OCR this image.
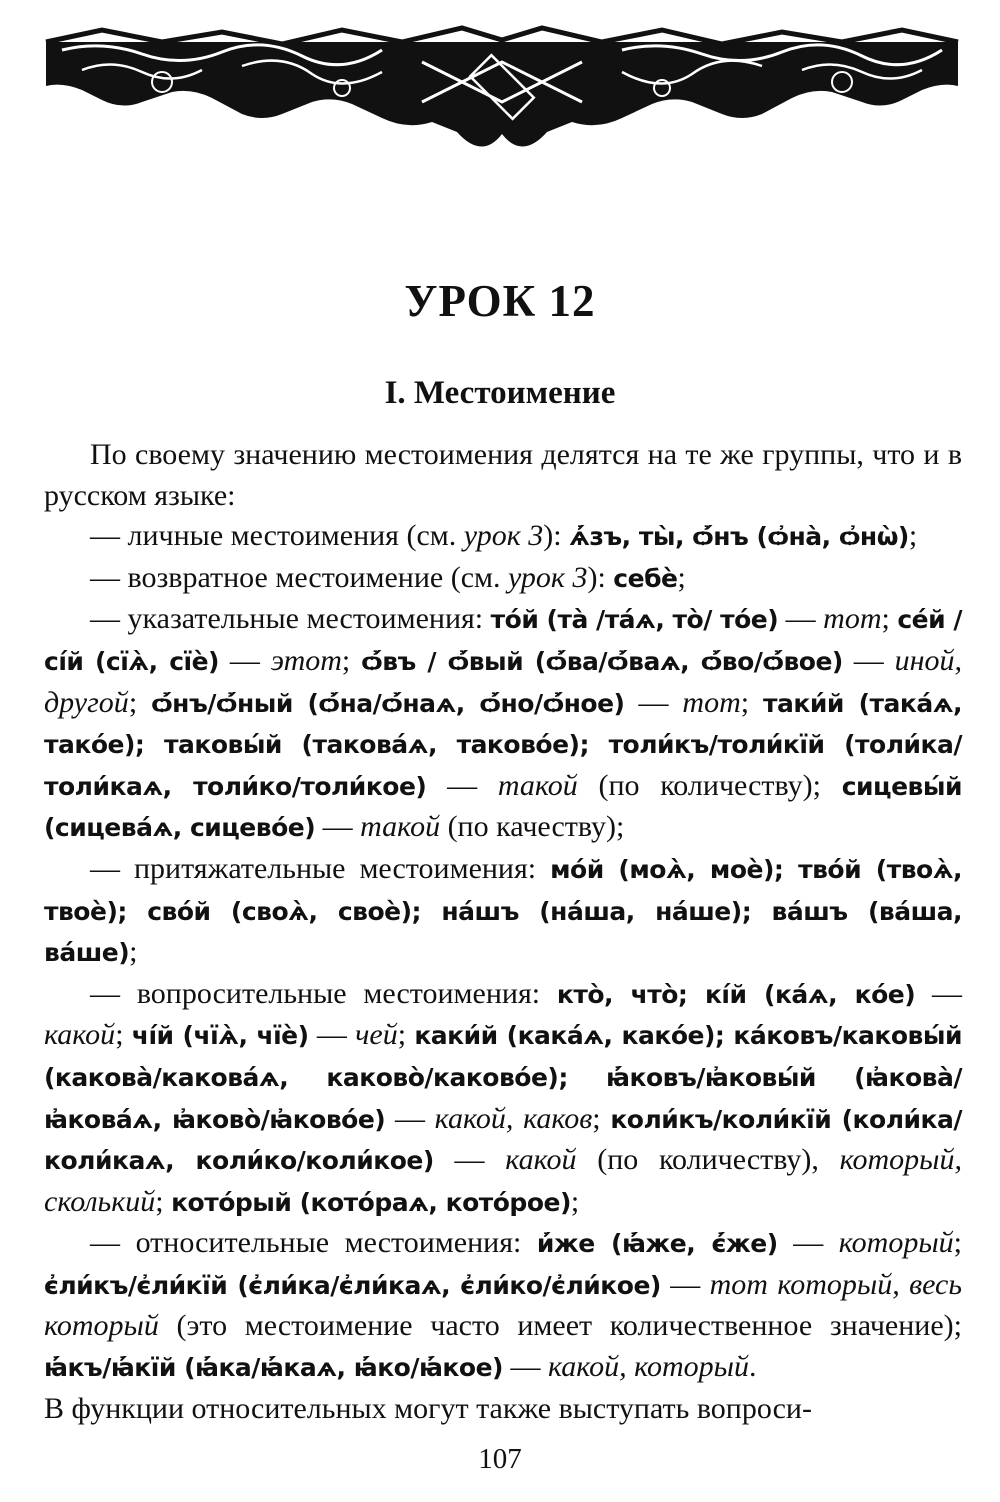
УРОК 12
I. Местоимение

По своему значению местоимения делятся на те же группы, что и в русском языке:

— личные местоимения (см. урок 3): ѧ҆́зъ, ты̀, ѻ҆́нъ (ѻ҆на̀, ѻ҆нѡ̀);

— возвратное местоимение (см. урок 3): себѐ;

— указательные местоимения: то́й (та̀ /та́ѧ, то̀/ то́е) — тот; се́й / сі́й (сїѧ̀, сїѐ) — этот; ѻ҆́въ / ѻ҆́вый (ѻ҆́ва/ѻ҆́ваѧ, ѻ҆́во/ѻ҆́вое) — иной, другой; ѻ҆́нъ/ѻ҆́ный (ѻ҆́на/ѻ҆́наѧ, ѻ҆́но/ѻ҆́ное) — тот; таки́й (така́ѧ, тако́е); таковы́й (такова́ѧ, таково́е); толи́къ/толи́кїй (толи́ка/толи́каѧ, толи́ко/толи́кое) — такой (по количеству); сицевы́й (сицева́ѧ, сицево́е) — такой (по качеству);

— притяжательные местоимения: мо́й (моѧ̀, моѐ); тво́й (твоѧ̀, твоѐ); сво́й (своѧ̀, своѐ); на́шъ (на́ша, на́ше); ва́шъ (ва́ша, ва́ше);

— вопросительные местоимения: кто̀, что̀; кі́й (ка́ѧ, ко́е) — какой; чі́й (чїѧ̀, чїѐ) — чей; каки́й (кака́ѧ, како́е); ка́ковъ/каковы́й (какова̀/какова́ѧ, каково̀/каково́е); ꙗ҆́ковъ/ꙗ҆ковы́й (ꙗ҆кова̀/ꙗ҆кова́ѧ, ꙗ҆ково̀/ꙗ҆ково́е) — какой, каков; коли́къ/коли́кїй (коли́ка/коли́каѧ, коли́ко/коли́кое) — какой (по количеству), который, сколький; кото́рый (кото́раѧ, кото́рое);

— относительные местоимения: и҆́же (ꙗ҆́же, є҆́же) — который; є҆ли́къ/є҆ли́кїй (є҆ли́ка/є҆ли́каѧ, є҆ли́ко/є҆ли́кое) — тот который, весь который (это местоимение часто имеет количественное значение); ꙗ҆́къ/ꙗ҆́кїй (ꙗ҆́ка/ꙗ҆́каѧ, ꙗ҆́ко/ꙗ҆́кое) — какой, который.

В функции относительных могут также выступать вопроси-

107
